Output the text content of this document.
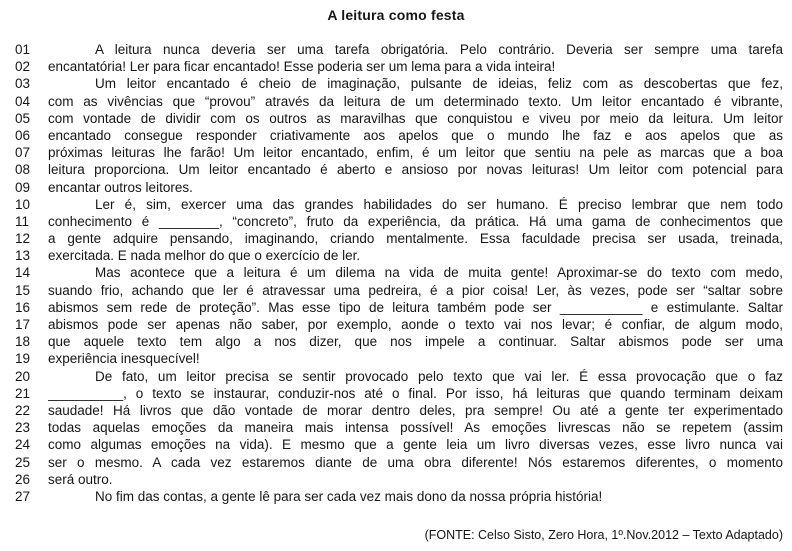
A leitura como festa
01	A leitura nunca deveria ser uma tarefa obrigatória. Pelo contrário. Deveria ser sempre uma tarefa
02	encantatória! Ler para ficar encantado! Esse poderia ser um lema para a vida inteira!
03	Um leitor encantado é cheio de imaginação, pulsante de ideias, feliz com as descobertas que fez,
04	com as vivências que “provou” através da leitura de um determinado texto. Um leitor encantado é vibrante,
05	com vontade de dividir com os outros as maravilhas que conquistou e viveu por meio da leitura. Um leitor
06	encantado consegue responder criativamente aos apelos que o mundo lhe faz e aos apelos que as
07	próximas leituras lhe farão! Um leitor encantado, enfim, é um leitor que sentiu na pele as marcas que a boa
08	leitura proporciona. Um leitor encantado é aberto e ansioso por novas leituras! Um leitor com potencial para
09	encantar outros leitores.
10	Ler é, sim, exercer uma das grandes habilidades do ser humano. É preciso lembrar que nem todo
11	conhecimento é ________, “concreto”, fruto da experiência, da prática. Há uma gama de conhecimentos que
12	a gente adquire pensando, imaginando, criando mentalmente. Essa faculdade precisa ser usada, treinada,
13	exercitada. E nada melhor do que o exercício de ler.
14	Mas acontece que a leitura é um dilema na vida de muita gente! Aproximar-se do texto com medo,
15	suando frio, achando que ler é atravessar uma pedreira, é a pior coisa! Ler, às vezes, pode ser “saltar sobre
16	abismos sem rede de proteção”. Mas esse tipo de leitura também pode ser ___________ e estimulante. Saltar
17	abismos pode ser apenas não saber, por exemplo, aonde o texto vai nos levar; é confiar, de algum modo,
18	que aquele texto tem algo a nos dizer, que nos impele a continuar. Saltar abismos pode ser uma
19	experiência inesquecível!
20	De fato, um leitor precisa se sentir provocado pelo texto que vai ler. É essa provocação que o faz
21	__________, o texto se instaurar, conduzir-nos até o final. Por isso, há leituras que quando terminam deixam
22	saudade! Há livros que dão vontade de morar dentro deles, pra sempre! Ou até a gente ter experimentado
23	todas aquelas emoções da maneira mais intensa possível! As emoções livrescas não se repetem (assim
24	como algumas emoções na vida). E mesmo que a gente leia um livro diversas vezes, esse livro nunca vai
25	ser o mesmo. A cada vez estaremos diante de uma obra diferente! Nós estaremos diferentes, o momento
26	será outro.
27	No fim das contas, a gente lê para ser cada vez mais dono da nossa própria história!
(FONTE: Celso Sisto, Zero Hora, 1º.Nov.2012 – Texto Adaptado)
